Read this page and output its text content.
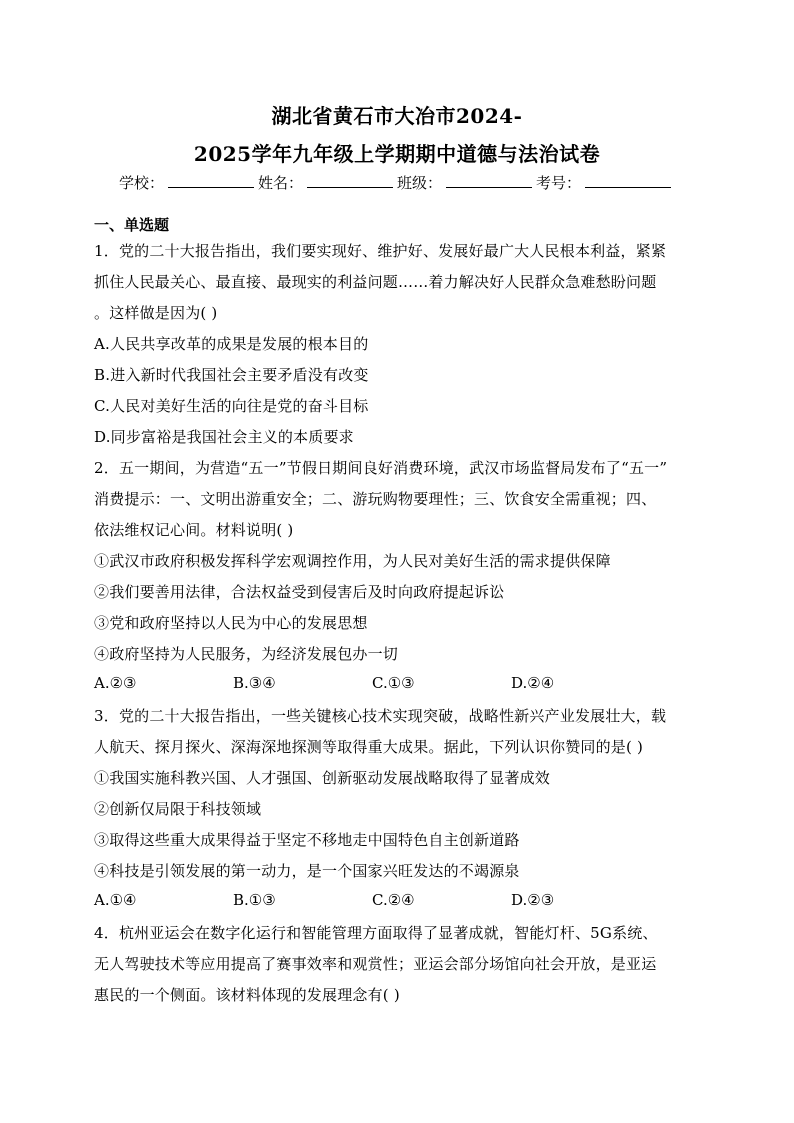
湖北省黄石市大冶市2024-
2025学年九年级上学期期中道德与法治试卷
学校：	姓名：	班级：	考号：
一、单选题
1．党的二十大报告指出，我们要实现好、维护好、发展好最广大人民根本利益，紧紧
抓住人民最关心、最直接、最现实的利益问题……着力解决好人民群众急难愁盼问题
。这样做是因为( )
A.人民共享改革的成果是发展的根本目的
B.进入新时代我国社会主要矛盾没有改变
C.人民对美好生活的向往是党的奋斗目标
D.同步富裕是我国社会主义的本质要求
2．五一期间，为营造“五一”节假日期间良好消费环境，武汉市场监督局发布了“五一”
消费提示：一、文明出游重安全；二、游玩购物要理性；三、饮食安全需重视；四、
依法维权记心间。材料说明( )
①武汉市政府积极发挥科学宏观调控作用，为人民对美好生活的需求提供保障
②我们要善用法律，合法权益受到侵害后及时向政府提起诉讼
③党和政府坚持以人民为中心的发展思想
④政府坚持为人民服务，为经济发展包办一切
A.②③	B.③④	C.①③	D.②④
3．党的二十大报告指出，一些关键核心技术实现突破，战略性新兴产业发展壮大，载
人航天、探月探火、深海深地探测等取得重大成果。据此，下列认识你赞同的是( )
①我国实施科教兴国、人才强国、创新驱动发展战略取得了显著成效
②创新仅局限于科技领域
③取得这些重大成果得益于坚定不移地走中国特色自主创新道路
④科技是引领发展的第一动力，是一个国家兴旺发达的不竭源泉
A.①④	B.①③	C.②④	D.②③
4．杭州亚运会在数字化运行和智能管理方面取得了显著成就，智能灯杆、5G系统、
无人驾驶技术等应用提高了赛事效率和观赏性；亚运会部分场馆向社会开放，是亚运
惠民的一个侧面。该材料体现的发展理念有( )
